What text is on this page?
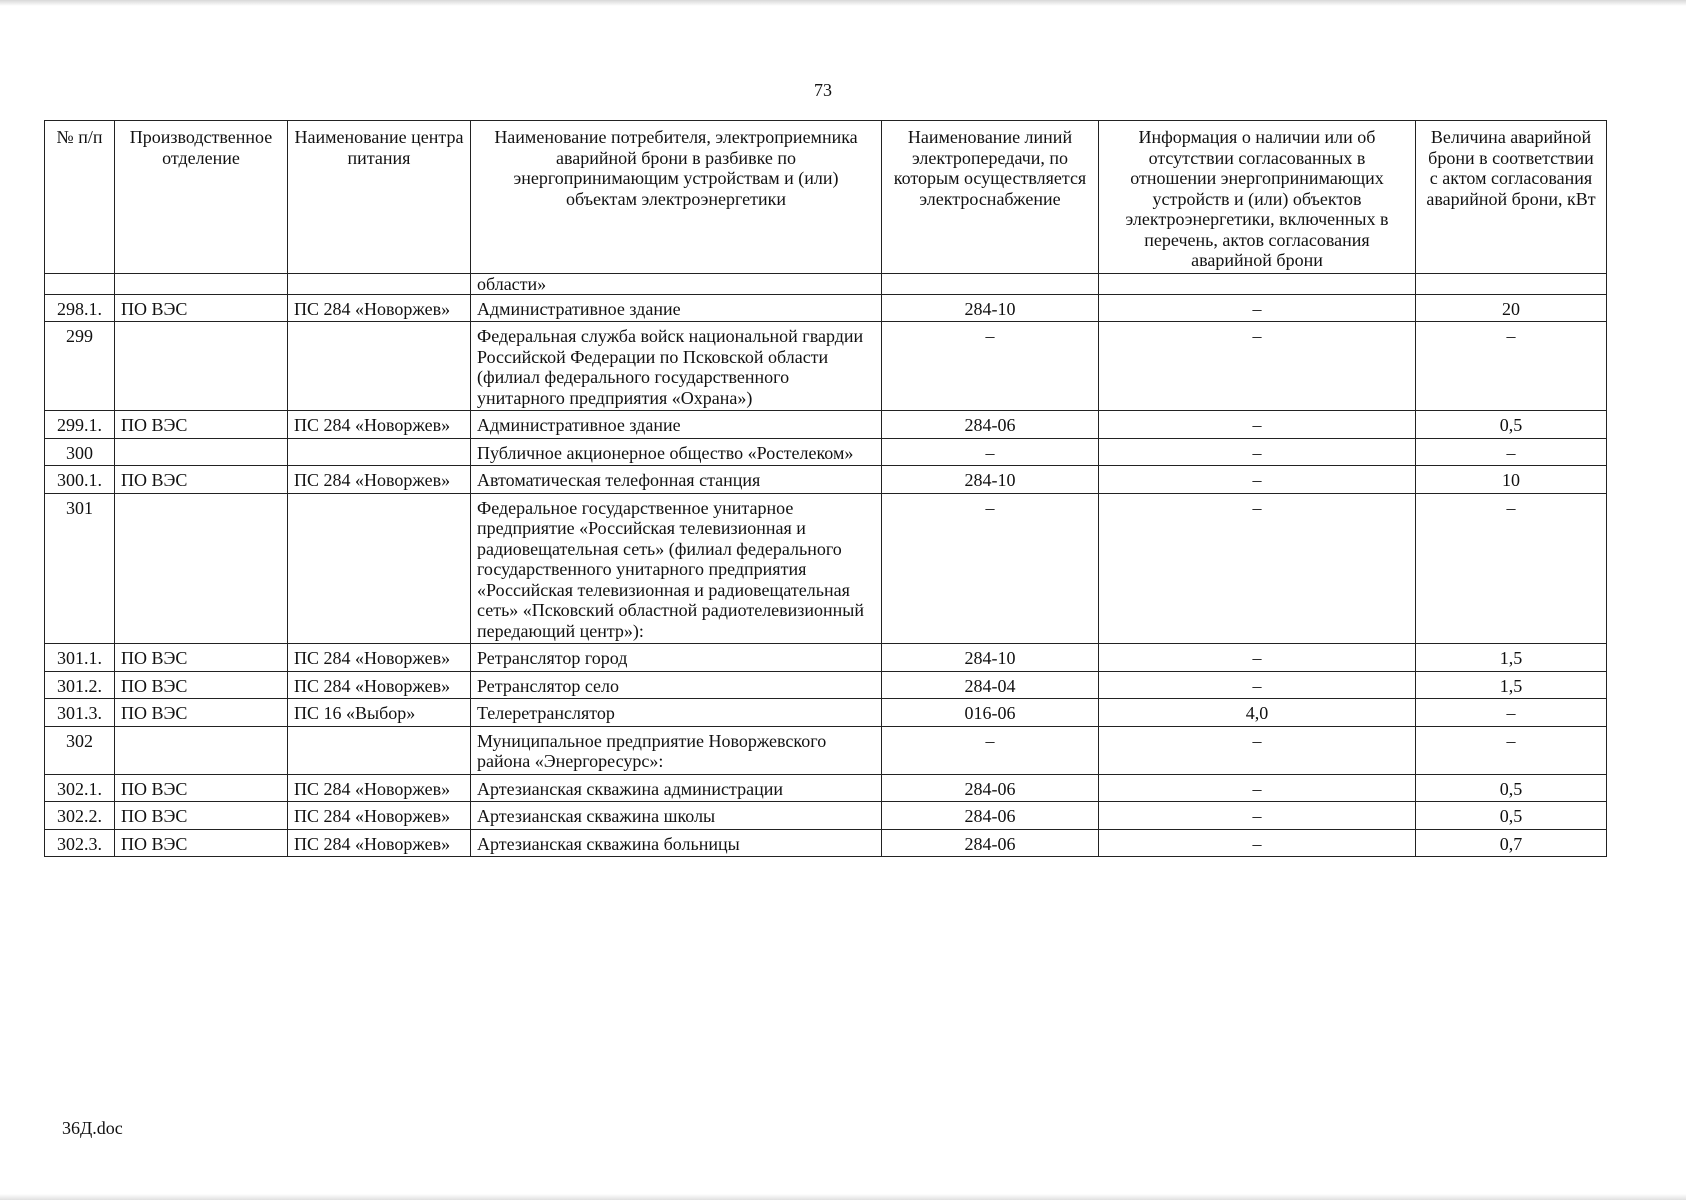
73
№ п/п	Производственное отделение	Наименование центра питания	Наименование потребителя, электроприемника аварийной брони в разбивке по энергопринимающим устройствам и (или) объектам электроэнергетики	Наименование линий электропередачи, по которым осуществляется электроснабжение	Информация о наличии или об отсутствии согласованных в отношении энергопринимающих устройств и (или) объектов электроэнергетики, включенных в перечень, актов согласования аварийной брони	Величина аварийной брони в соответствии с актом согласования аварийной брони, кВт
			области»			
298.1.	ПО ВЭС	ПС 284 «Новоржев»	Административное здание	284-10	–	20
299			Федеральная служба войск национальной гвардии Российской Федерации по Псковской области (филиал федерального государственного унитарного предприятия «Охрана»)	–	–	–
299.1.	ПО ВЭС	ПС 284 «Новоржев»	Административное здание	284-06	–	0,5
300			Публичное акционерное общество «Ростелеком»	–	–	–
300.1.	ПО ВЭС	ПС 284 «Новоржев»	Автоматическая телефонная станция	284-10	–	10
301			Федеральное государственное унитарное предприятие «Российская телевизионная и радиовещательная сеть» (филиал федерального государственного унитарного предприятия «Российская телевизионная и радиовещательная сеть» «Псковский областной радиотелевизионный передающий центр»):	–	–	–
301.1.	ПО ВЭС	ПС 284 «Новоржев»	Ретранслятор город	284-10	–	1,5
301.2.	ПО ВЭС	ПС 284 «Новоржев»	Ретранслятор село	284-04	–	1,5
301.3.	ПО ВЭС	ПС 16 «Выбор»	Телеретранслятор	016-06	4,0	–
302			Муниципальное предприятие Новоржевского района «Энергоресурс»:	–	–	–
302.1.	ПО ВЭС	ПС 284 «Новоржев»	Артезианская скважина администрации	284-06	–	0,5
302.2.	ПО ВЭС	ПС 284 «Новоржев»	Артезианская скважина школы	284-06	–	0,5
302.3.	ПО ВЭС	ПС 284 «Новоржев»	Артезианская скважина больницы	284-06	–	0,7
36Д.doc
